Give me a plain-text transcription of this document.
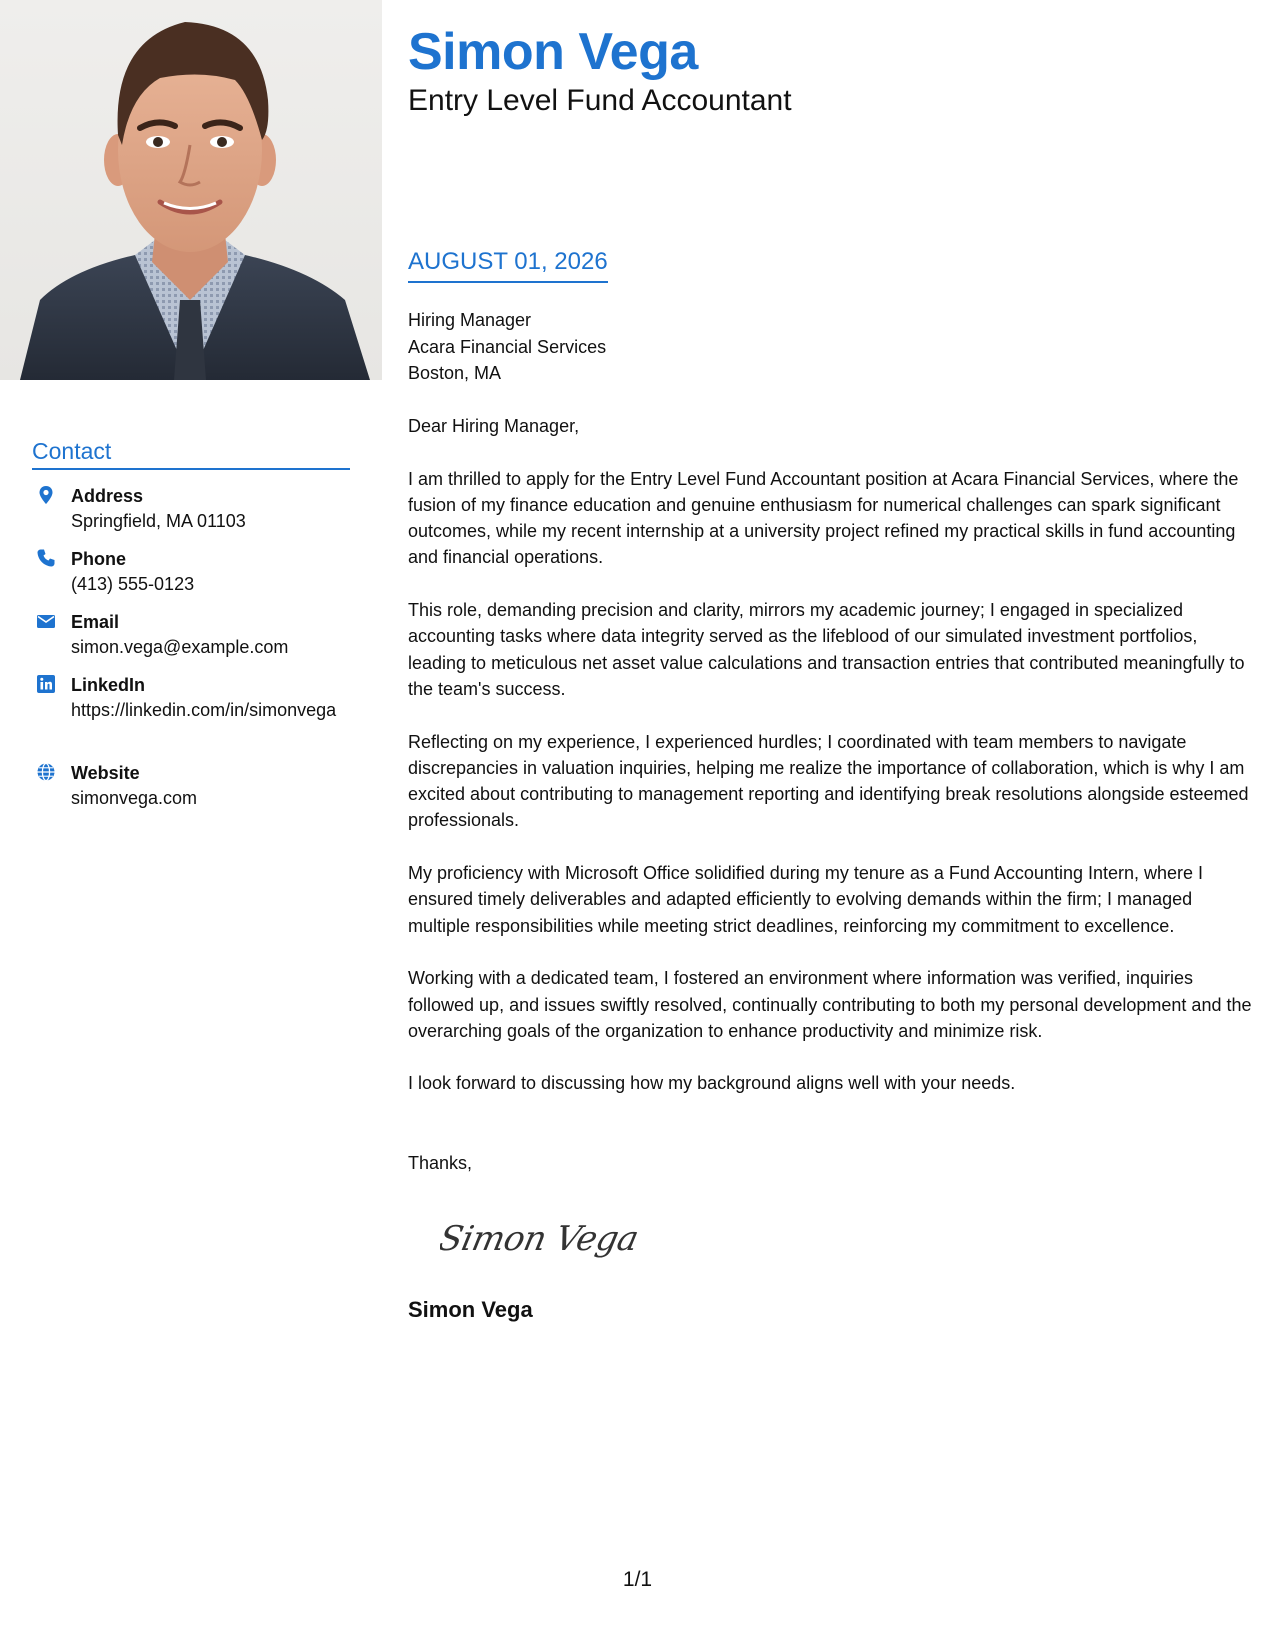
Contact
Address
Springfield, MA 01103
Phone
(413) 555-0123
Email
simon.vega@example.com
LinkedIn
https://linkedin.com/in/simonvega
Website
simonvega.com
Simon Vega
Entry Level Fund Accountant
AUGUST 01, 2026
Hiring Manager
Acara Financial Services
Boston, MA

Dear Hiring Manager,

I am thrilled to apply for the Entry Level Fund Accountant position at Acara Financial Services, where the fusion of my finance education and genuine enthusiasm for numerical challenges can spark significant outcomes, while my recent internship at a university project refined my practical skills in fund accounting and financial operations.

This role, demanding precision and clarity, mirrors my academic journey; I engaged in specialized accounting tasks where data integrity served as the lifeblood of our simulated investment portfolios, leading to meticulous net asset value calculations and transaction entries that contributed meaningfully to the team's success.

Reflecting on my experience, I experienced hurdles; I coordinated with team members to navigate discrepancies in valuation inquiries, helping me realize the importance of collaboration, which is why I am excited about contributing to management reporting and identifying break resolutions alongside esteemed professionals.

My proficiency with Microsoft Office solidified during my tenure as a Fund Accounting Intern, where I ensured timely deliverables and adapted efficiently to evolving demands within the firm; I managed multiple responsibilities while meeting strict deadlines, reinforcing my commitment to excellence.

Working with a dedicated team, I fostered an environment where information was verified, inquiries followed up, and issues swiftly resolved, continually contributing to both my personal development and the overarching goals of the organization to enhance productivity and minimize risk.

I look forward to discussing how my background aligns well with your needs.

Thanks,
Simon Vega
Simon Vega
1/1
